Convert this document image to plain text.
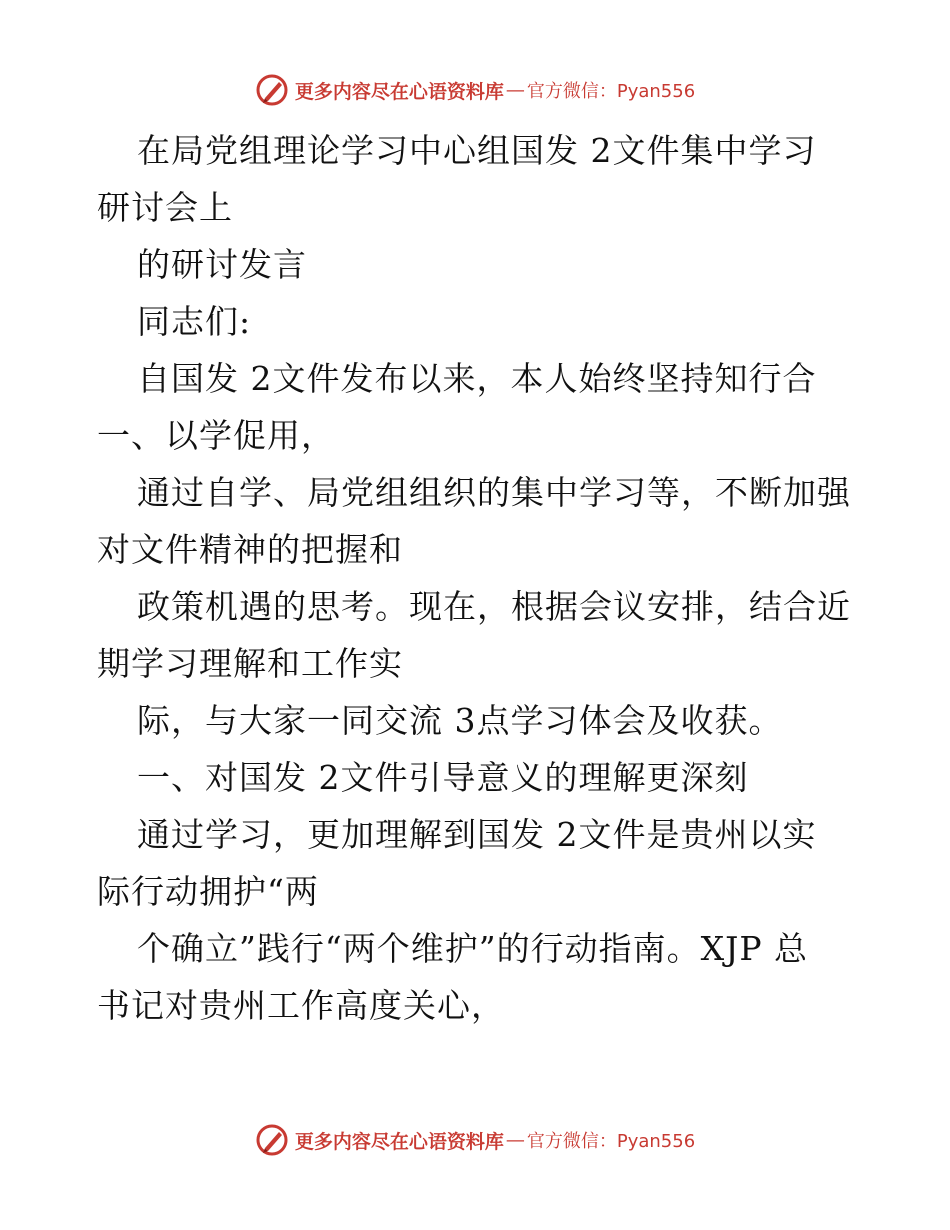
更多内容尽在心语资料库 — 官方微信：Pyan556
在局党组理论学习中心组国发 2文件集中学习
研讨会上
的研讨发言
同志们:
自国发 2文件发布以来，本人始终坚持知行合
一、以学促用，
通过自学、局党组组织的集中学习等，不断加强
对文件精神的把握和
政策机遇的思考。现在，根据会议安排，结合近
期学习理解和工作实
际，与大家一同交流 3点学习体会及收获。
一、对国发 2文件引导意义的理解更深刻
通过学习，更加理解到国发 2文件是贵州以实
际行动拥护“两
个确立”践行“两个维护”的行动指南。XJP 总
书记对贵州工作高度关心，
更多内容尽在心语资料库 — 官方微信：Pyan556
